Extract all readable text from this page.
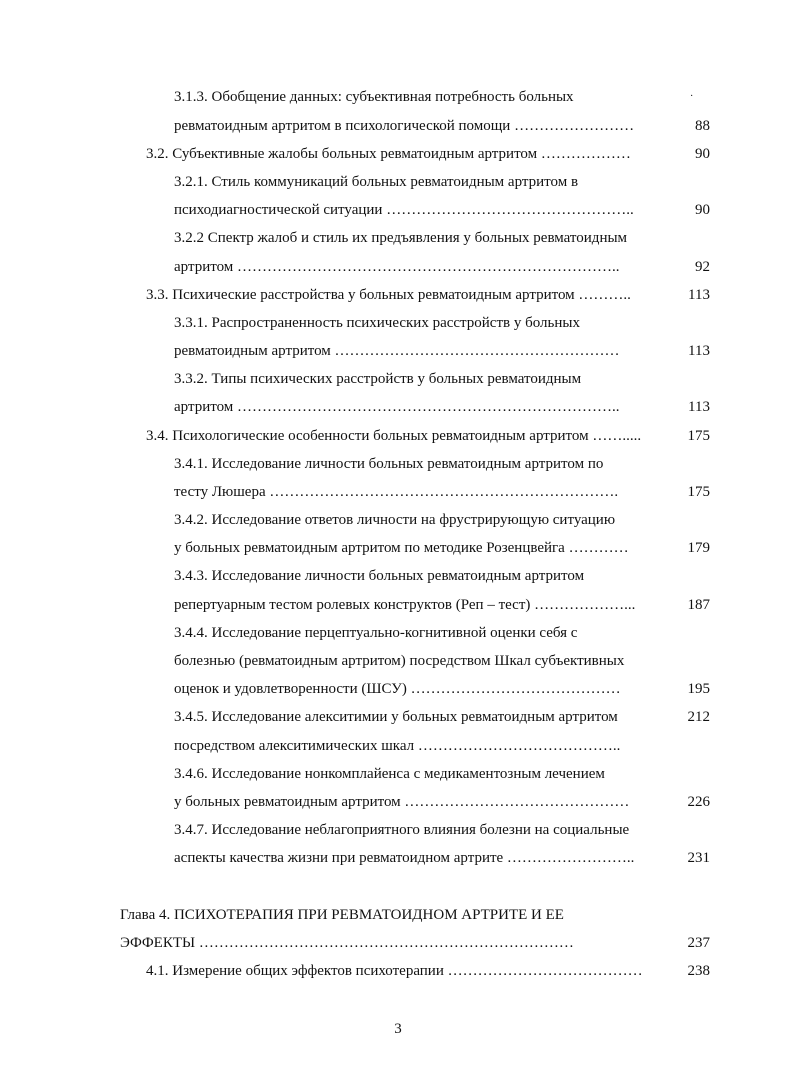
3.1.3. Обобщение данных: субъективная потребность больных	·
ревматоидным артритом в психологической помощи ……………………	88
3.2. Субъективные жалобы больных ревматоидным артритом ………………	90
3.2.1. Стиль коммуникаций больных ревматоидным артритом в
психодиагностической ситуации …………………………………………..	90
3.2.2 Спектр жалоб и стиль их предъявления у больных ревматоидным
артритом …………………………………………………………………..	92
3.3. Психические расстройства у больных ревматоидным артритом ………..	113
3.3.1. Распространенность психических расстройств у больных
ревматоидным артритом …………………………………………………	113
3.3.2. Типы психических расстройств у больных ревматоидным
артритом …………………………………………………………………..	113
3.4. Психологические особенности больных ревматоидным артритом …….....	175
3.4.1. Исследование личности больных ревматоидным артритом по
тесту Люшера …………………………………………………………….	175
3.4.2. Исследование ответов личности на фрустрирующую ситуацию
у больных ревматоидным артритом по методике Розенцвейга …………	179
3.4.3. Исследование личности больных ревматоидным артритом
репертуарным тестом ролевых конструктов (Реп – тест) ………………...	187
3.4.4. Исследование перцептуально-когнитивной оценки себя с
болезнью (ревматоидным артритом) посредством Шкал субъективных
оценок и удовлетворенности (ШСУ) ……………………………………	195
3.4.5. Исследование алекситимии у больных ревматоидным артритом	212
посредством алекситимических шкал …………………………………..
3.4.6. Исследование нонкомплайенса с медикаментозным лечением
у больных ревматоидным артритом ………………………………………	226
3.4.7. Исследование неблагоприятного влияния болезни на социальные
аспекты качества жизни при ревматоидном артрите ……………………..	231
Глава 4. ПСИХОТЕРАПИЯ ПРИ РЕВМАТОИДНОМ АРТРИТЕ И ЕЕ
ЭФФЕКТЫ …………………………………………………………………	237
4.1. Измерение общих эффектов психотерапии …………………………………	238
3
